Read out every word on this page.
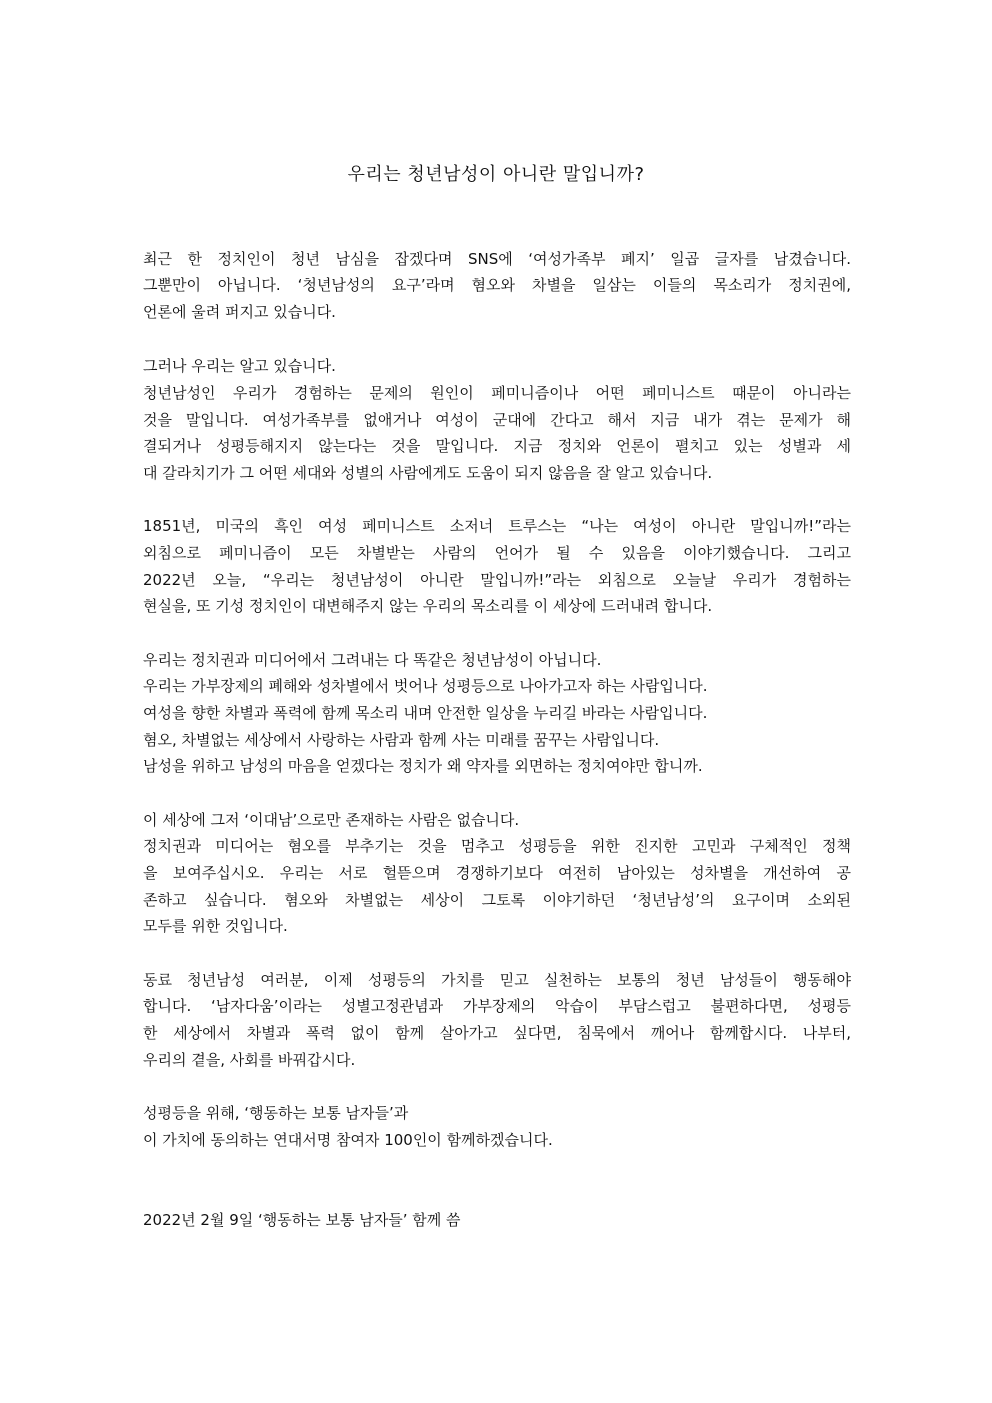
우리는 청년남성이 아니란 말입니까?
최근 한 정치인이 청년 남심을 잡겠다며 SNS에 ‘여성가족부 폐지’ 일곱 글자를 남겼습니다.
그뿐만이 아닙니다. ‘청년남성의 요구’라며 혐오와 차별을 일삼는 이들의 목소리가 정치권에,
언론에 울려 퍼지고 있습니다.
그러나 우리는 알고 있습니다.
청년남성인 우리가 경험하는 문제의 원인이 페미니즘이나 어떤 페미니스트 때문이 아니라는
것을 말입니다. 여성가족부를 없애거나 여성이 군대에 간다고 해서 지금 내가 겪는 문제가 해
결되거나 성평등해지지 않는다는 것을 말입니다. 지금 정치와 언론이 펼치고 있는 성별과 세
대 갈라치기가 그 어떤 세대와 성별의 사람에게도 도움이 되지 않음을 잘 알고 있습니다.
1851년, 미국의 흑인 여성 페미니스트 소저너 트루스는 “나는 여성이 아니란 말입니까!”라는
외침으로 페미니즘이 모든 차별받는 사람의 언어가 될 수 있음을 이야기했습니다. 그리고
2022년 오늘, “우리는 청년남성이 아니란 말입니까!”라는 외침으로 오늘날 우리가 경험하는
현실을, 또 기성 정치인이 대변해주지 않는 우리의 목소리를 이 세상에 드러내려 합니다.
우리는 정치권과 미디어에서 그려내는 다 똑같은 청년남성이 아닙니다.
우리는 가부장제의 폐해와 성차별에서 벗어나 성평등으로 나아가고자 하는 사람입니다.
여성을 향한 차별과 폭력에 함께 목소리 내며 안전한 일상을 누리길 바라는 사람입니다.
혐오, 차별없는 세상에서 사랑하는 사람과 함께 사는 미래를 꿈꾸는 사람입니다.
남성을 위하고 남성의 마음을 얻겠다는 정치가 왜 약자를 외면하는 정치여야만 합니까.
이 세상에 그저 ‘이대남’으로만 존재하는 사람은 없습니다.
정치권과 미디어는 혐오를 부추기는 것을 멈추고 성평등을 위한 진지한 고민과 구체적인 정책
을 보여주십시오. 우리는 서로 헐뜯으며 경쟁하기보다 여전히 남아있는 성차별을 개선하여 공
존하고 싶습니다. 혐오와 차별없는 세상이 그토록 이야기하던 ‘청년남성’의 요구이며 소외된
모두를 위한 것입니다.
동료 청년남성 여러분, 이제 성평등의 가치를 믿고 실천하는 보통의 청년 남성들이 행동해야
합니다. ‘남자다움’이라는 성별고정관념과 가부장제의 악습이 부담스럽고 불편하다면, 성평등
한 세상에서 차별과 폭력 없이 함께 살아가고 싶다면, 침묵에서 깨어나 함께합시다. 나부터,
우리의 곁을, 사회를 바꿔갑시다.
성평등을 위해, ‘행동하는 보통 남자들’과
이 가치에 동의하는 연대서명 참여자 100인이 함께하겠습니다.
2022년 2월 9일 ‘행동하는 보통 남자들’ 함께 씀
